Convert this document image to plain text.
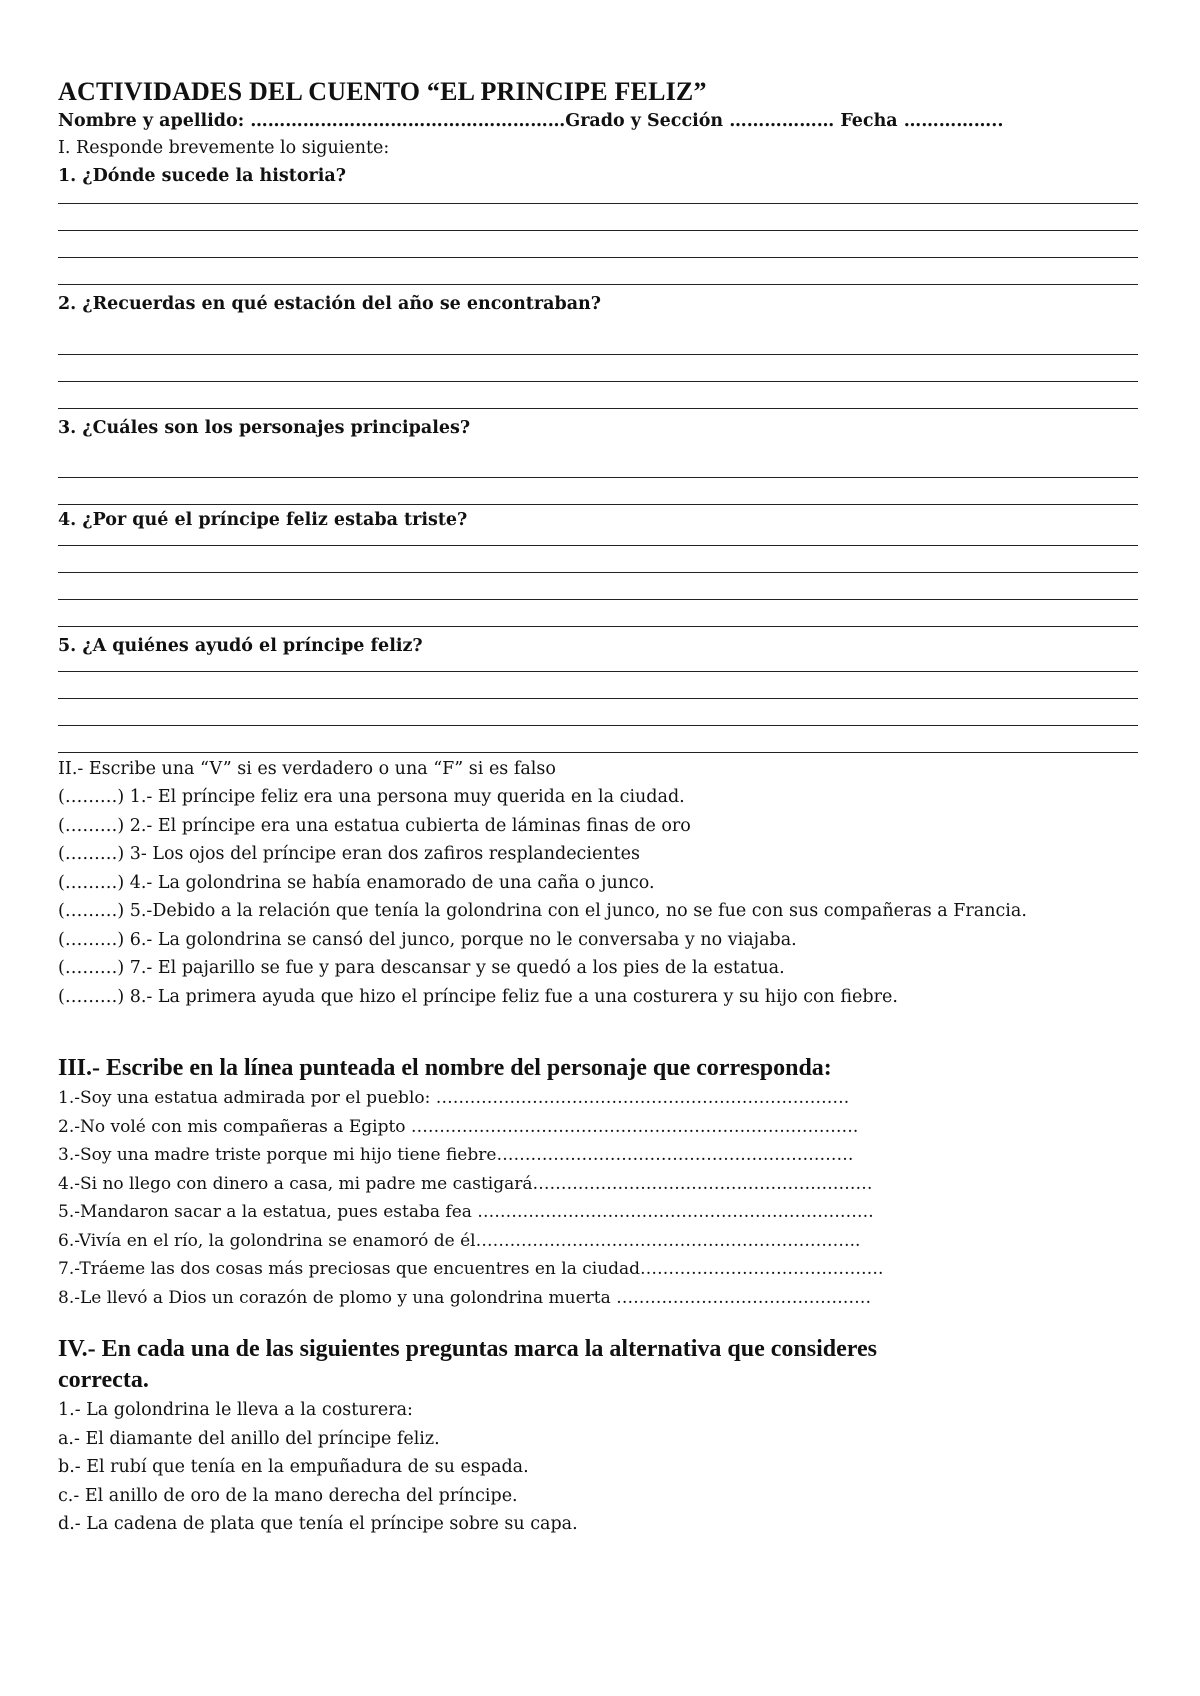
ACTIVIDADES DEL CUENTO “EL PRINCIPE FELIZ”
Nombre y apellido: ………………………………………………Grado y Sección ……………… Fecha ……………..
I. Responde brevemente lo siguiente:
1. ¿Dónde sucede la historia?
2. ¿Recuerdas en qué estación del año se encontraban?
3. ¿Cuáles son los personajes principales?
4. ¿Por qué el príncipe feliz estaba triste?
5. ¿A quiénes ayudó el príncipe feliz?
II.- Escribe una “V” si es verdadero o una “F” si es falso
(………) 1.- El príncipe feliz era una persona muy querida en la ciudad.
(………) 2.- El príncipe era una estatua cubierta de láminas finas de oro
(………) 3- Los ojos del príncipe eran dos zafiros resplandecientes
(………) 4.- La golondrina se había enamorado de una caña o junco.
(………) 5.-Debido a la relación que tenía la golondrina con el junco, no se fue con sus compañeras a Francia.
(………) 6.- La golondrina se cansó del junco, porque no le conversaba y no viajaba.
(………) 7.- El pajarillo se fue y para descansar y se quedó a los pies de la estatua.
(………) 8.- La primera ayuda que hizo el príncipe feliz fue a una costurera y su hijo con fiebre.
III.- Escribe en la línea punteada el nombre del personaje que corresponda:
1.-Soy una estatua admirada por el pueblo: ……………………………………………………………….
2.-No volé con mis compañeras a Egipto …………………………………………………………………….
3.-Soy una madre triste porque mi hijo tiene fiebre………………………………………………………
4.-Si no llego con dinero a casa, mi padre me castigará……………………………………………………
5.-Mandaron sacar a la estatua, pues estaba fea …………………………………………………………….
6.-Vivía en el río, la golondrina se enamoró de él…………………………………………………………..
7.-Tráeme las dos cosas más preciosas que encuentres en la ciudad…………………………………….
8.-Le llevó a Dios un corazón de plomo y una golondrina muerta ………………………………………
IV.- En cada una de las siguientes preguntas marca la alternativa que consideres
correcta.
1.- La golondrina le lleva a la costurera:
a.- El diamante del anillo del príncipe feliz.
b.- El rubí que tenía en la empuñadura de su espada.
c.- El anillo de oro de la mano derecha del príncipe.
d.- La cadena de plata que tenía el príncipe sobre su capa.
